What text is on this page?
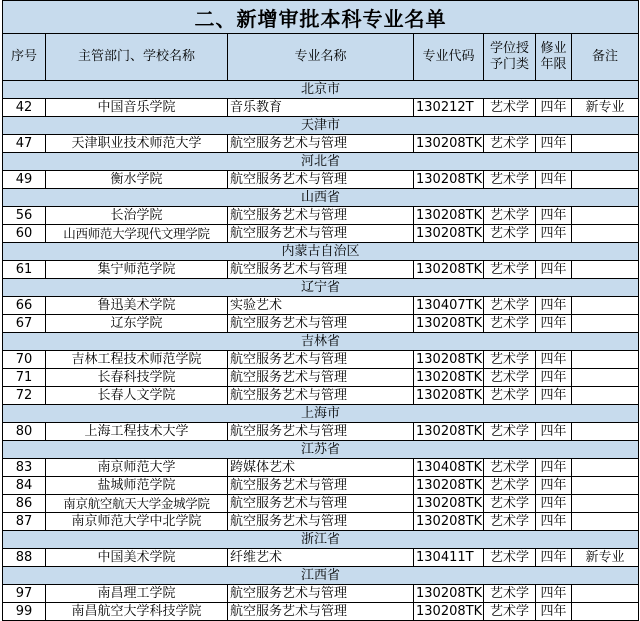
二、新增审批本科专业名单						
序号	主管部门、学校名称	专业名称	专业代码	学位授予门类	修业年限	备注
北京市						
42	中国音乐学院	音乐教育	130212T	艺术学	四年	新专业
天津市						
47	天津职业技术师范大学	航空服务艺术与管理	130208TK	艺术学	四年	
河北省						
49	衡水学院	航空服务艺术与管理	130208TK	艺术学	四年	
山西省						
56	长治学院	航空服务艺术与管理	130208TK	艺术学	四年	
60	山西师范大学现代文理学院	航空服务艺术与管理	130208TK	艺术学	四年	
内蒙古自治区						
61	集宁师范学院	航空服务艺术与管理	130208TK	艺术学	四年	
辽宁省						
66	鲁迅美术学院	实验艺术	130407TK	艺术学	四年	
67	辽东学院	航空服务艺术与管理	130208TK	艺术学	四年	
吉林省						
70	吉林工程技术师范学院	航空服务艺术与管理	130208TK	艺术学	四年	
71	长春科技学院	航空服务艺术与管理	130208TK	艺术学	四年	
72	长春人文学院	航空服务艺术与管理	130208TK	艺术学	四年	
上海市						
80	上海工程技术大学	航空服务艺术与管理	130208TK	艺术学	四年	
江苏省						
83	南京师范大学	跨媒体艺术	130408TK	艺术学	四年	
84	盐城师范学院	航空服务艺术与管理	130208TK	艺术学	四年	
86	南京航空航天大学金城学院	航空服务艺术与管理	130208TK	艺术学	四年	
87	南京师范大学中北学院	航空服务艺术与管理	130208TK	艺术学	四年	
浙江省						
88	中国美术学院	纤维艺术	130411T	艺术学	四年	新专业
江西省						
97	南昌理工学院	航空服务艺术与管理	130208TK	艺术学	四年	
99	南昌航空大学科技学院	航空服务艺术与管理	130208TK	艺术学	四年	
